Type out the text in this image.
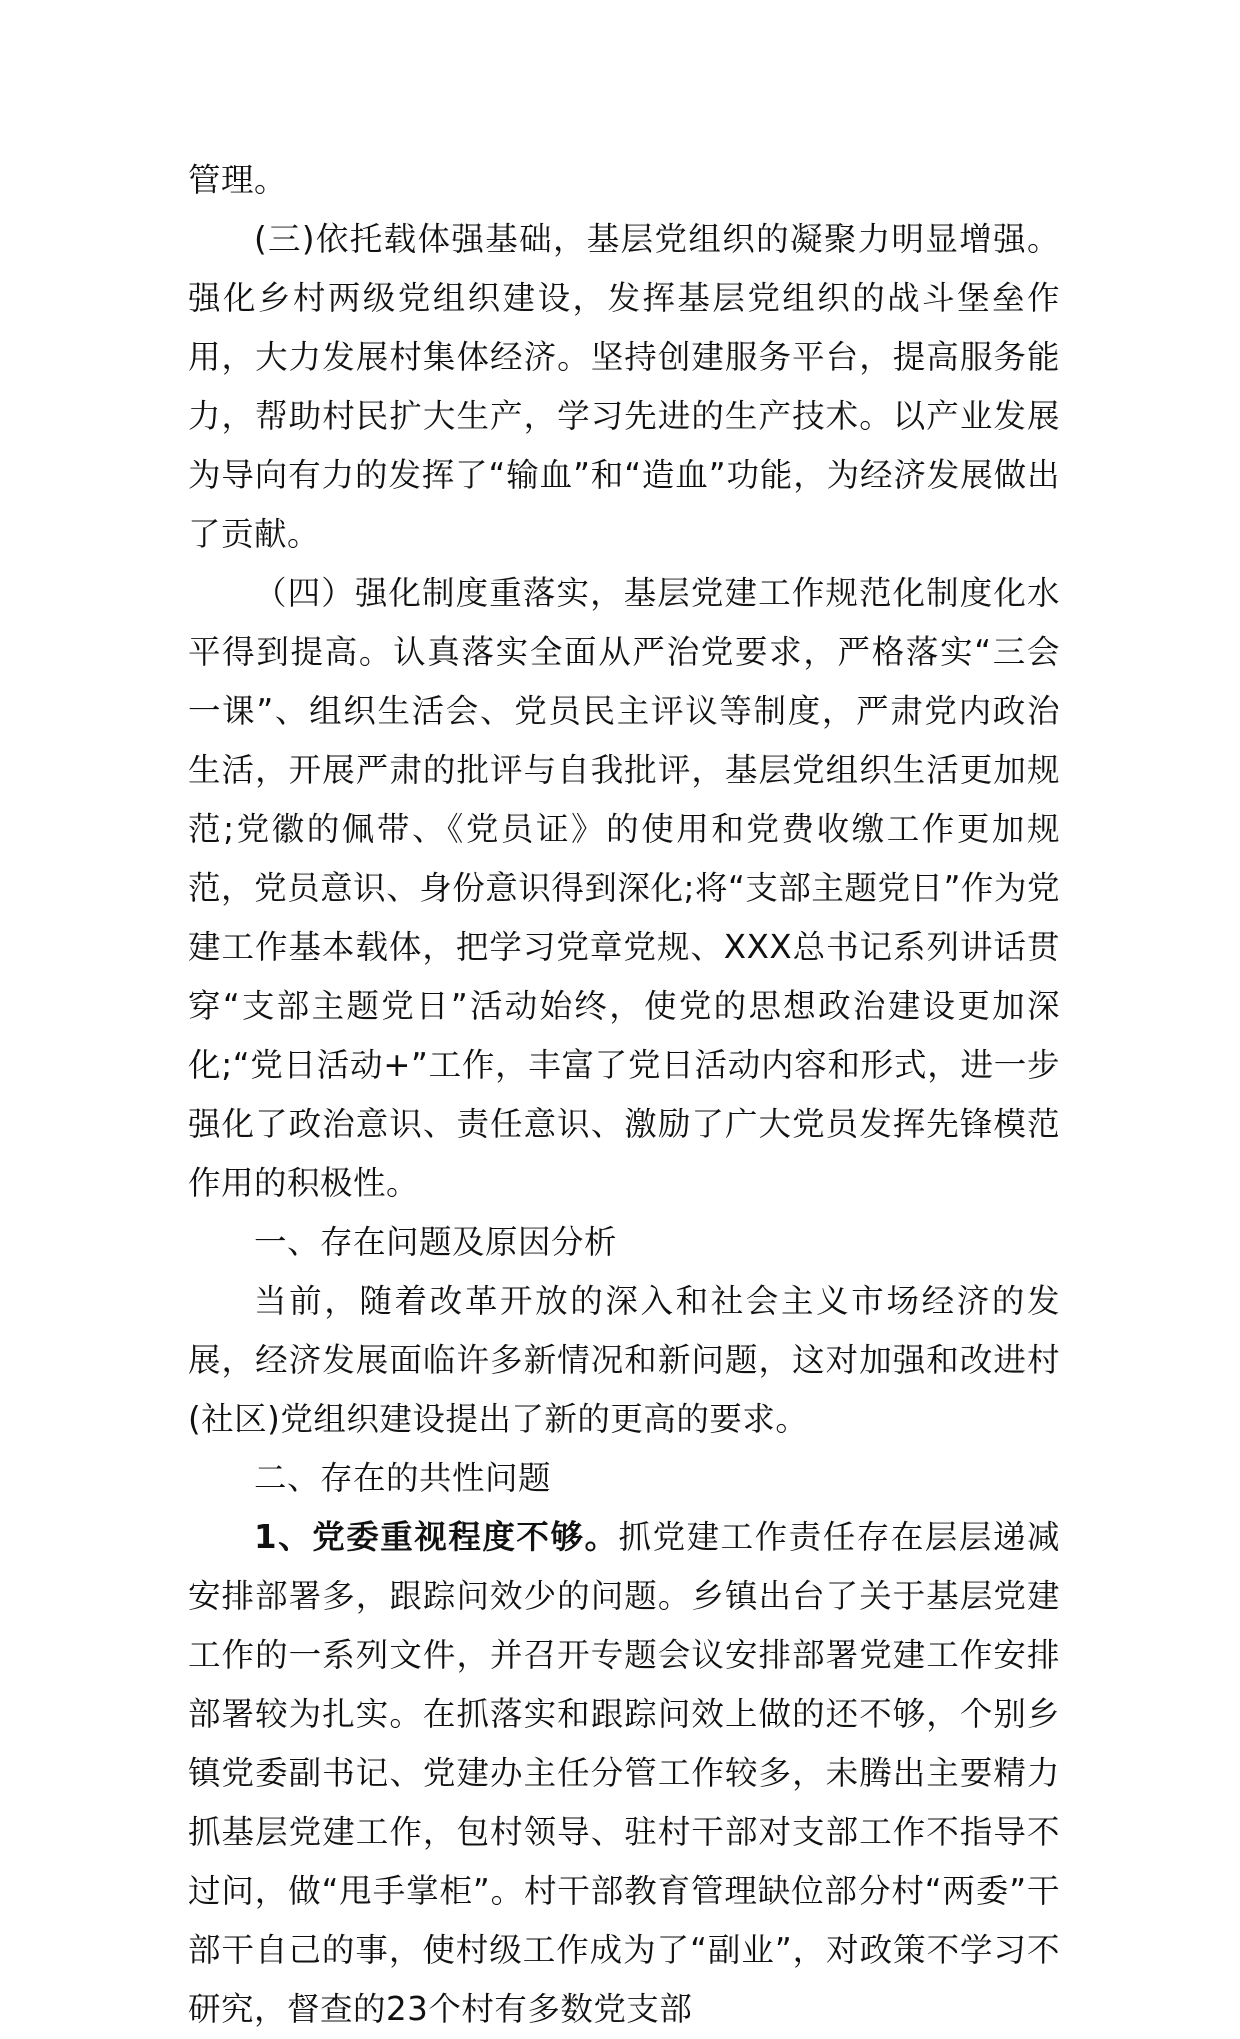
管理。

(三)依托载体强基础，基层党组织的凝聚力明显增强。强化乡村两级党组织建设，发挥基层党组织的战斗堡垒作用，大力发展村集体经济。坚持创建服务平台，提高服务能力，帮助村民扩大生产，学习先进的生产技术。以产业发展为导向有力的发挥了“输血”和“造血”功能，为经济发展做出了贡献。

（四）强化制度重落实，基层党建工作规范化制度化水平得到提高。认真落实全面从严治党要求，严格落实“三会一课”、组织生活会、党员民主评议等制度，严肃党内政治生活，开展严肃的批评与自我批评，基层党组织生活更加规范;党徽的佩带、《党员证》的使用和党费收缴工作更加规范，党员意识、身份意识得到深化;将“支部主题党日”作为党建工作基本载体，把学习党章党规、XXX总书记系列讲话贯穿“支部主题党日”活动始终，使党的思想政治建设更加深化;“党日活动+”工作，丰富了党日活动内容和形式，进一步强化了政治意识、责任意识、激励了广大党员发挥先锋模范作用的积极性。

一、存在问题及原因分析

当前，随着改革开放的深入和社会主义市场经济的发展，经济发展面临许多新情况和新问题，这对加强和改进村(社区)党组织建设提出了新的更高的要求。

二、存在的共性问题

1、党委重视程度不够。抓党建工作责任存在层层递减安排部署多，跟踪问效少的问题。乡镇出台了关于基层党建工作的一系列文件，并召开专题会议安排部署党建工作安排部署较为扎实。在抓落实和跟踪问效上做的还不够，个别乡镇党委副书记、党建办主任分管工作较多，未腾出主要精力抓基层党建工作，包村领导、驻村干部对支部工作不指导不过问，做“甩手掌柜”。村干部教育管理缺位部分村“两委”干部干自己的事，使村级工作成为了“副业”，对政策不学习不研究，督查的23个村有多数党支部
